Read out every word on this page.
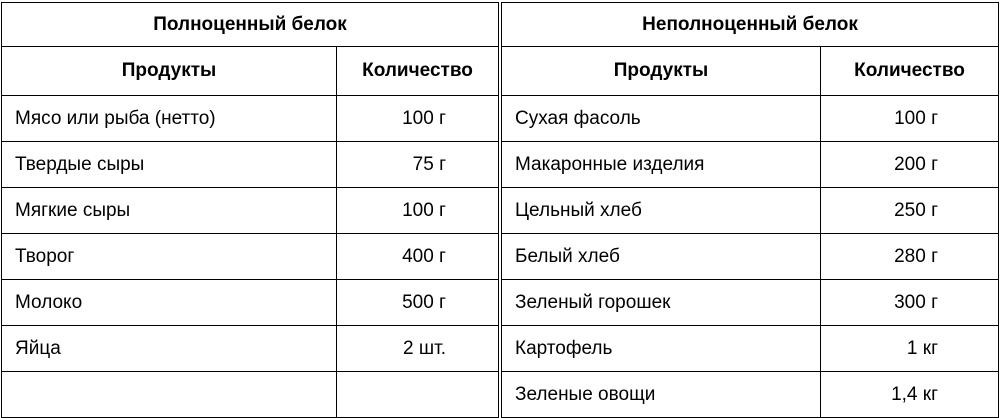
Полноценный белок	
Продукты	Количество
Мясо или рыба (нетто)	100 г
Твердые сыры	75 г
Мягкие сыры	100 г
Творог	400 г
Молоко	500 г
Яйца	2 шт.

Неполноценный белок	
Продукты	Количество
Сухая фасоль	100 г
Макаронные изделия	200 г
Цельный хлеб	250 г
Белый хлеб	280 г
Зеленый горошек	300 г
Картофель	1 кг
Зеленые овощи	1,4 кг
